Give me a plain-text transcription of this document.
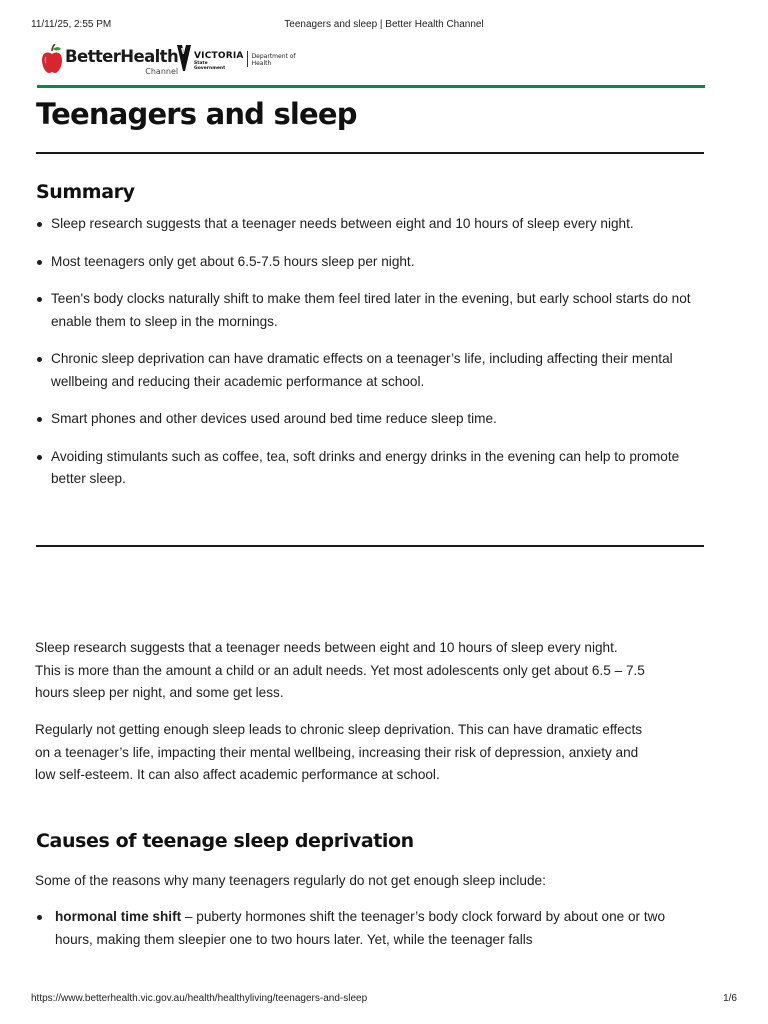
11/11/25, 2:55 PM	Teenagers and sleep | Better Health Channel
BetterHealth
Channel
VICTORIA
State Government
Department of Health
Teenagers and sleep
Summary
Sleep research suggests that a teenager needs between eight and 10 hours of sleep every night.
Most teenagers only get about 6.5-7.5 hours sleep per night.
Teen's body clocks naturally shift to make them feel tired later in the evening, but early school starts do not enable them to sleep in the mornings.
Chronic sleep deprivation can have dramatic effects on a teenager’s life, including affecting their mental wellbeing and reducing their academic performance at school.
Smart phones and other devices used around bed time reduce sleep time.
Avoiding stimulants such as coffee, tea, soft drinks and energy drinks in the evening can help to promote better sleep.

Sleep research suggests that a teenager needs between eight and 10 hours of sleep every night. This is more than the amount a child or an adult needs. Yet most adolescents only get about 6.5 – 7.5 hours sleep per night, and some get less.

Regularly not getting enough sleep leads to chronic sleep deprivation. This can have dramatic effects on a teenager’s life, impacting their mental wellbeing, increasing their risk of depression, anxiety and low self-esteem. It can also affect academic performance at school.

Causes of teenage sleep deprivation

Some of the reasons why many teenagers regularly do not get enough sleep include:

hormonal time shift – puberty hormones shift the teenager’s body clock forward by about one or two hours, making them sleepier one to two hours later. Yet, while the teenager falls
https://www.betterhealth.vic.gov.au/health/healthyliving/teenagers-and-sleep	1/6
